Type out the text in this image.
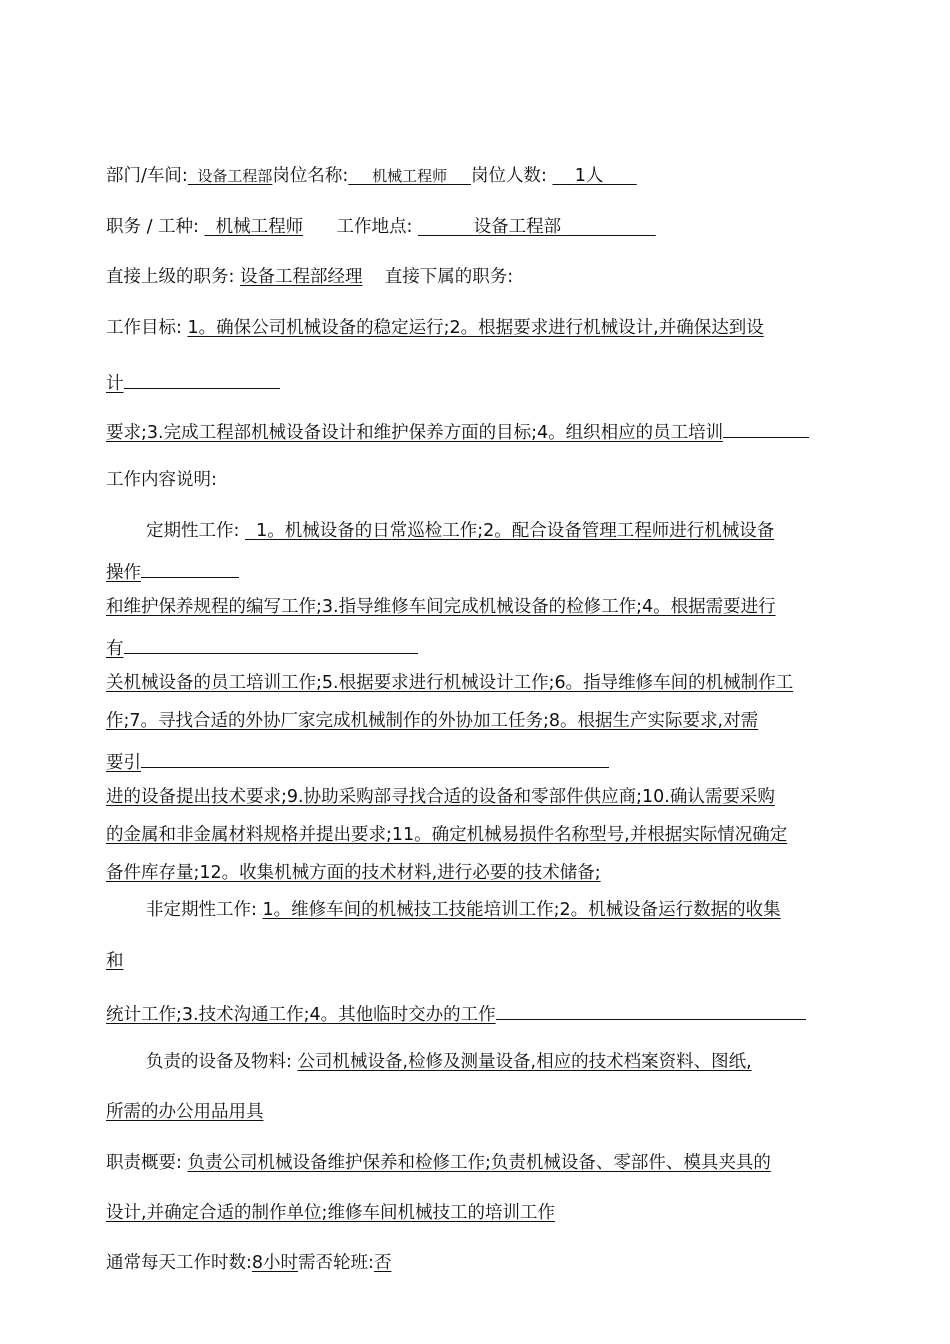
部门/车间: 设备工程部岗位名称: 机械工程师 岗位人数: 1人
职务 / 工种: 机械工程师 工作地点:	设备工程部
直接上级的职务: 设备工程部经理 直接下属的职务:
工作目标: 1。确保公司机械设备的稳定运行;2。根据要求进行机械设计,并确保达到设
计
要求;3.完成工程部机械设备设计和维护保养方面的目标;4。组织相应的员工培训
工作内容说明:
定期性工作: 1。机械设备的日常巡检工作;2。配合设备管理工程师进行机械设备
操作
和维护保养规程的编写工作;3.指导维修车间完成机械设备的检修工作;4。根据需要进行
有
关机械设备的员工培训工作;5.根据要求进行机械设计工作;6。指导维修车间的机械制作工
作;7。寻找合适的外协厂家完成机械制作的外协加工任务;8。根据生产实际要求,对需
要引
进的设备提出技术要求;9.协助采购部寻找合适的设备和零部件供应商;10.确认需要采购
的金属和非金属材料规格并提出要求;11。确定机械易损件名称型号,并根据实际情况确定
备件库存量;12。收集机械方面的技术材料,进行必要的技术储备;
非定期性工作: 1。维修车间的机械技工技能培训工作;2。机械设备运行数据的收集
和
统计工作;3.技术沟通工作;4。其他临时交办的工作
负责的设备及物料: 公司机械设备,检修及测量设备,相应的技术档案资料、图纸,
所需的办公用品用具
职责概要: 负责公司机械设备维护保养和检修工作;负责机械设备、零部件、模具夹具的
设计,并确定合适的制作单位;维修车间机械技工的培训工作
通常每天工作时数:8小时需否轮班:否
